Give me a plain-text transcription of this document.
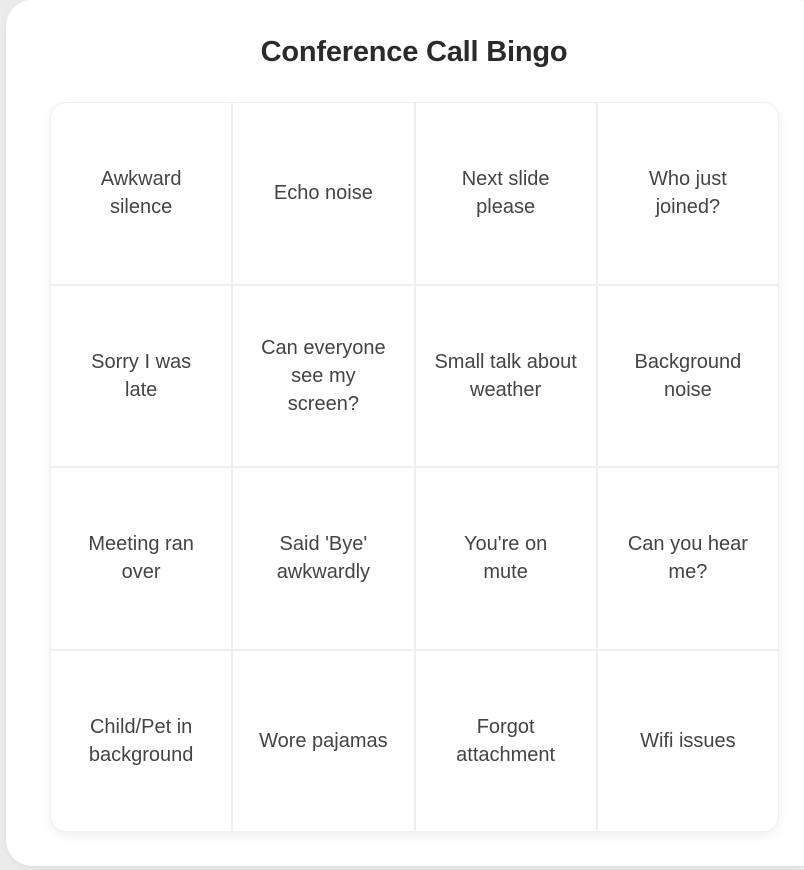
Conference Call Bingo
Awkward silence
Echo noise
Next slide please
Who just joined?
Sorry I was late
Can everyone see my screen?
Small talk about weather
Background noise
Meeting ran over
Said 'Bye' awkwardly
You're on mute
Can you hear me?
Child/Pet in background
Wore pajamas
Forgot attachment
Wifi issues
